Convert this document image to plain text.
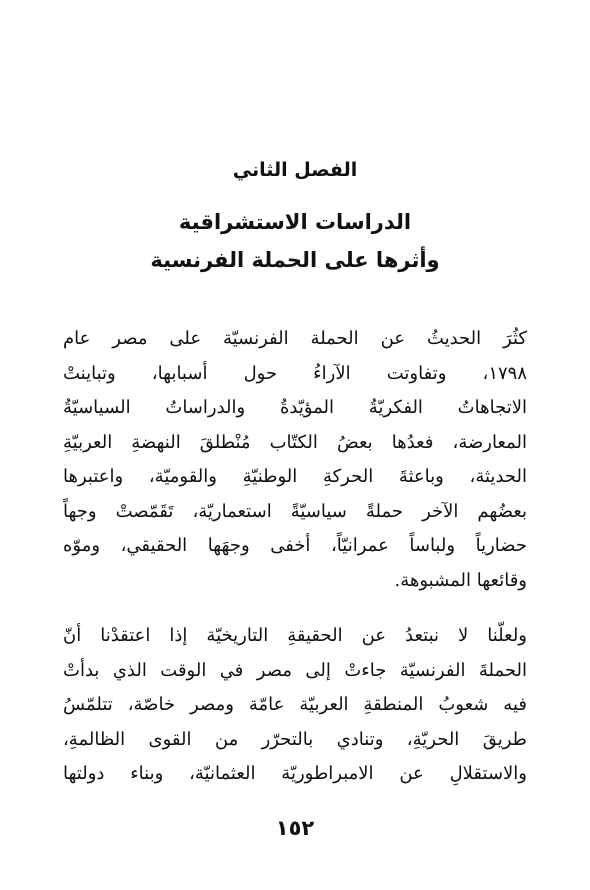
الفصل الثاني
الدراسات الاستشراقية
وأثرها على الحملة الفرنسية
كثُرَ الحديثُ عن الحملة الفرنسيّة على مصر عام
١٧٩٨، وتفاوتت الآراءُ حول أسبابها، وتباينتْ
الاتجاهاتُ الفكريّةُ المؤيّدةُ والدراساتُ السياسيّةُ
المعارضة، فعدُها بعضُ الكتّاب مُنْطلقَ النهضةِ العربيّةِ
الحديثة، وباعثةَ الحركةِ الوطنيّةِ والقوميّة، واعتبرها
بعضُهم الآخر حملةً سياسيّةً استعماريّة، تَقَمّصتْ وجهاً
حضارياً ولباساً عمرانيّاً، أخفى وجهَها الحقيقي، وموّه
وقائعها المشبوهة.
ولعلّنا لا نبتعدُ عن الحقيقةِ التاريخيّة إذا اعتقدْنا أنّ
الحملةَ الفرنسيّة جاءتْ إلى مصر في الوقت الذي بدأتْ
فيه شعوبُ المنطقةِ العربيّة عامّة ومصر خاصّة، تتلمّسُ
طريقَ الحريّةِ، وتنادي بالتحرّر من القوى الظالمةِ،
والاستقلالِ عن الامبراطوريّة العثمانيّة، وبناء دولتها
١٥٢
